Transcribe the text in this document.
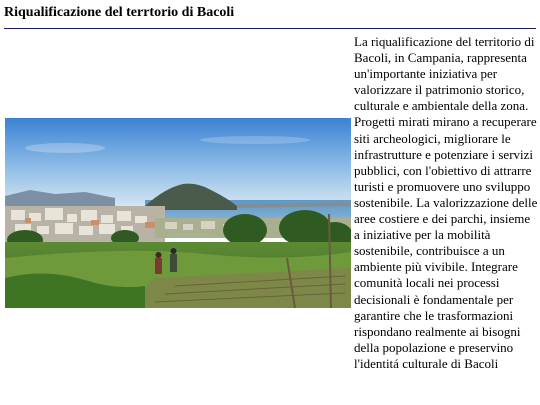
Riqualificazione del terrtorio di Bacoli

La riqualificazione del territorio di Bacoli, in Campania, rappresenta un'importante iniziativa per valorizzare il patrimonio storico, culturale e ambientale della zona. Progetti mirati mirano a recuperare siti archeologici, migliorare le infrastrutture e potenziare i servizi pubblici, con l'obiettivo di attrarre turisti e promuovere uno sviluppo sostenibile. La valorizzazione delle aree costiere e dei parchi, insieme a iniziative per la mobilità sostenibile, contribuisce a un ambiente più vivibile. Integrare comunità locali nei processi decisionali è fondamentale per garantire che le trasformazioni rispondano realmente ai bisogni della popolazione e preservino l'identitá culturale di Bacoli
